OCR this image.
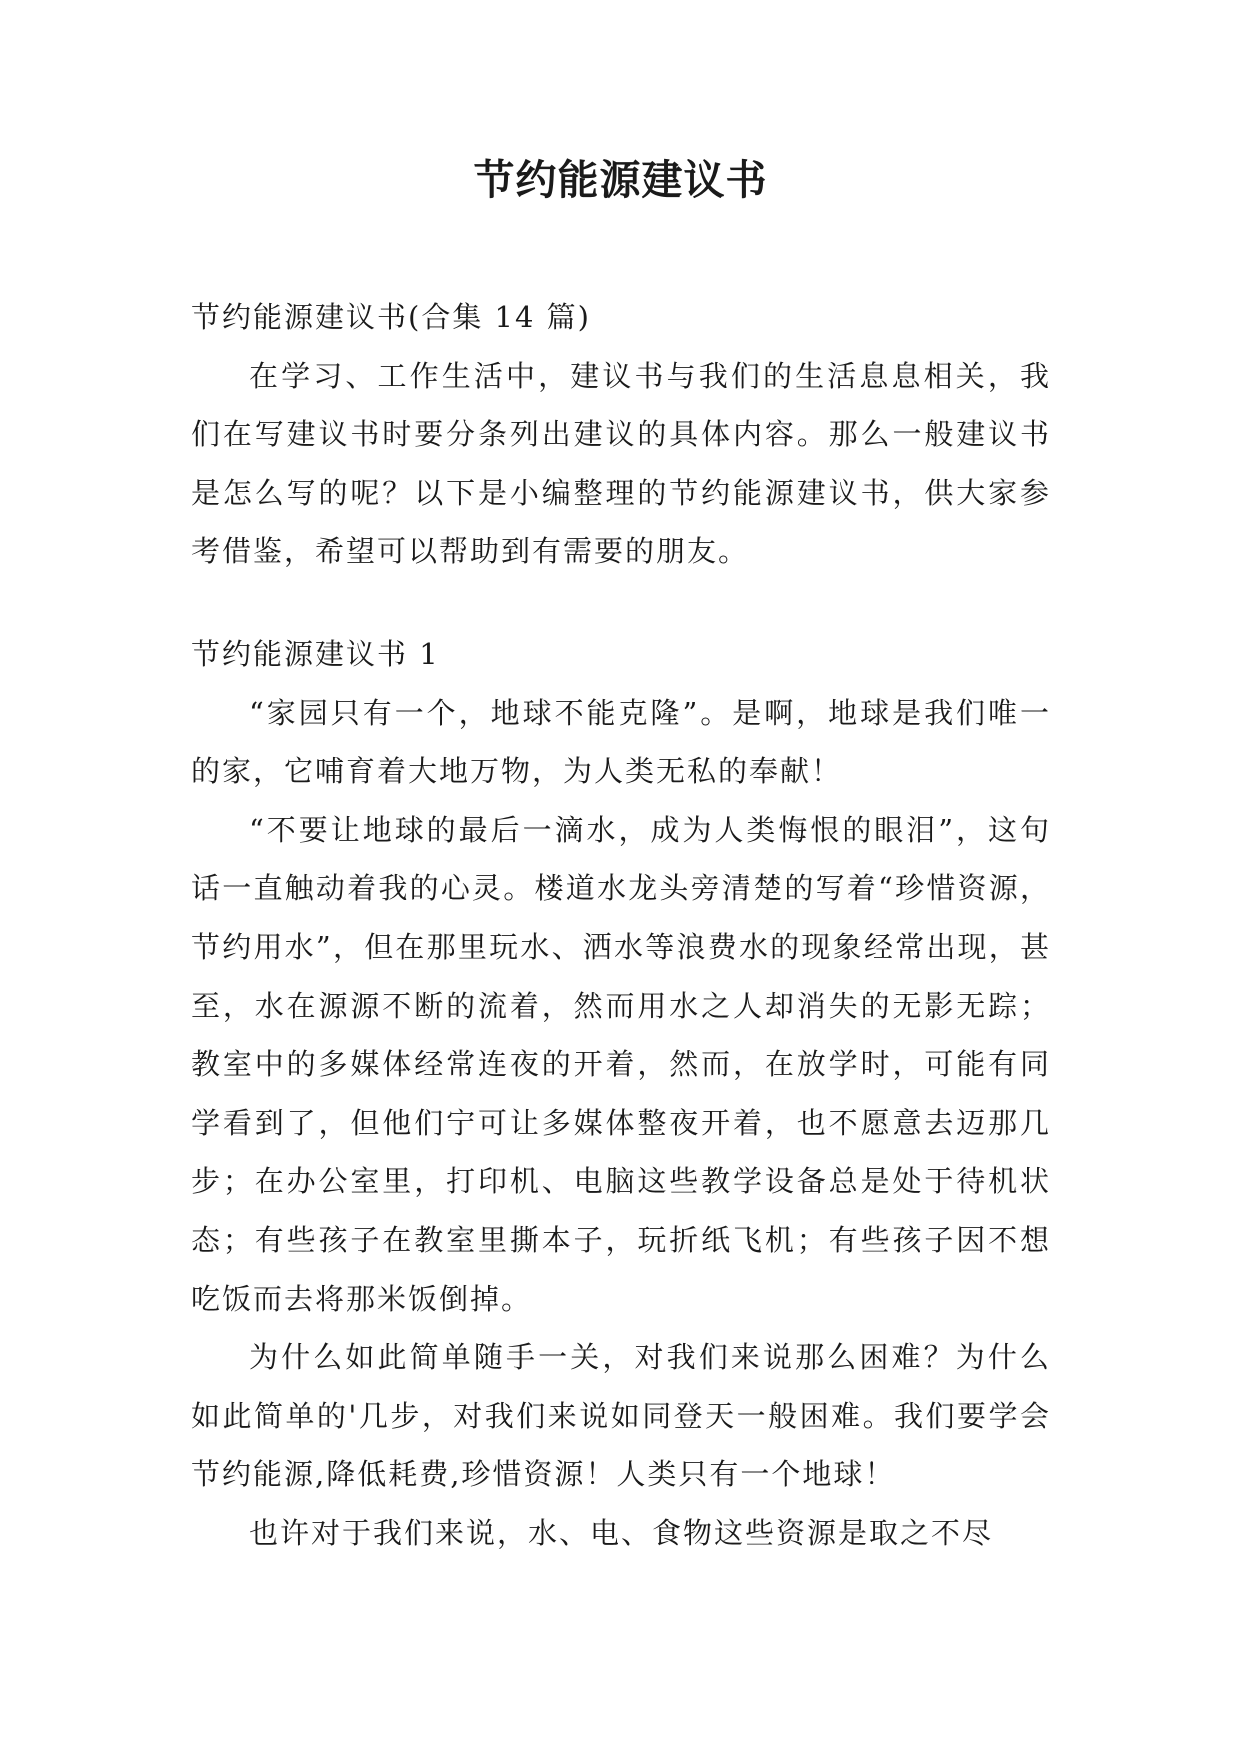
节约能源建议书

节约能源建议书(合集 14 篇)

在学习、工作生活中，建议书与我们的生活息息相关，我们在写建议书时要分条列出建议的具体内容。那么一般建议书是怎么写的呢？以下是小编整理的节约能源建议书，供大家参考借鉴，希望可以帮助到有需要的朋友。

节约能源建议书 1

“家园只有一个，地球不能克隆”。是啊，地球是我们唯一的家，它哺育着大地万物，为人类无私的奉献！

“不要让地球的最后一滴水，成为人类悔恨的眼泪”，这句话一直触动着我的心灵。楼道水龙头旁清楚的写着“珍惜资源，节约用水”，但在那里玩水、洒水等浪费水的现象经常出现，甚至，水在源源不断的流着，然而用水之人却消失的无影无踪；教室中的多媒体经常连夜的开着，然而，在放学时，可能有同学看到了，但他们宁可让多媒体整夜开着，也不愿意去迈那几步；在办公室里，打印机、电脑这些教学设备总是处于待机状态；有些孩子在教室里撕本子，玩折纸飞机；有些孩子因不想吃饭而去将那米饭倒掉。

为什么如此简单随手一关，对我们来说那么困难？为什么如此简单的'几步，对我们来说如同登天一般困难。我们要学会节约能源,降低耗费,珍惜资源！人类只有一个地球！

也许对于我们来说，水、电、食物这些资源是取之不尽
